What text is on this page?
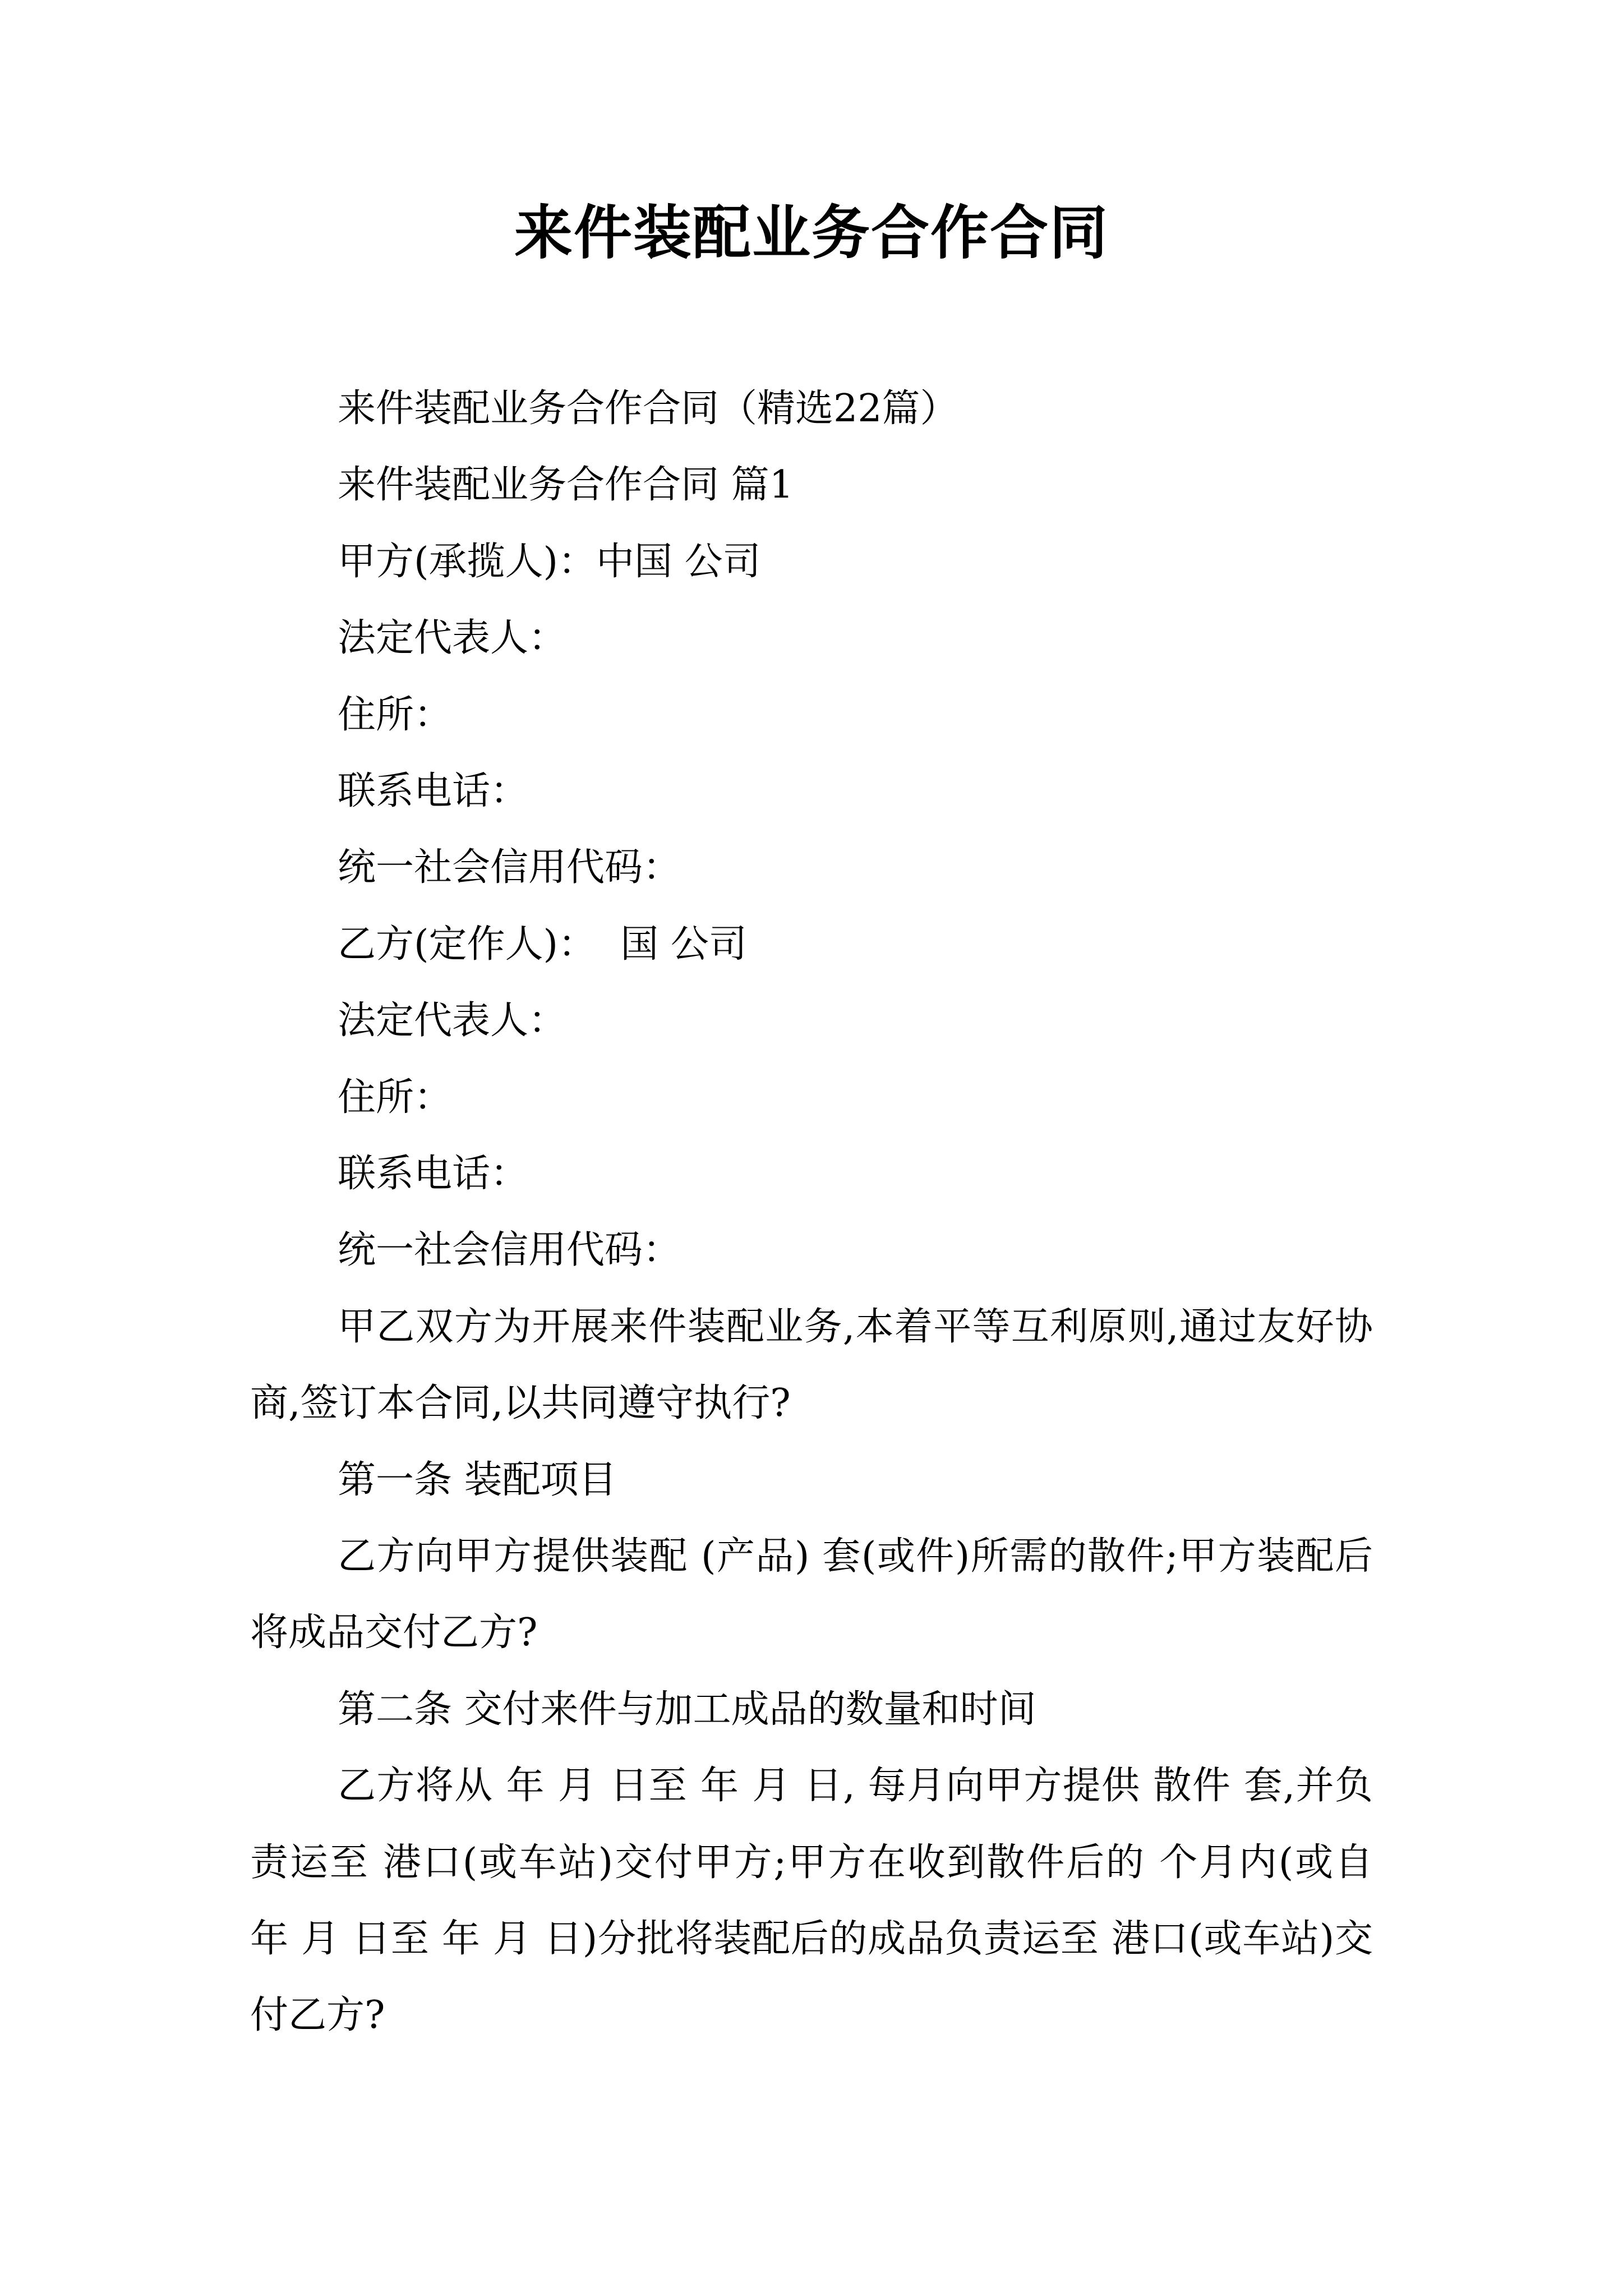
来件装配业务合作合同
来件装配业务合作合同（精选22篇）
来件装配业务合作合同 篇1
甲方(承揽人)：中国 公司
法定代表人：
住所：
联系电话：
统一社会信用代码：
乙方(定作人)：  国 公司
法定代表人：
住所：
联系电话：
统一社会信用代码：
甲乙双方为开展来件装配业务,本着平等互利原则,通过友好协商,签订本合同,以共同遵守执行?
第一条 装配项目
乙方向甲方提供装配 (产品) 套(或件)所需的散件;甲方装配后将成品交付乙方?
第二条 交付来件与加工成品的数量和时间
乙方将从 年 月 日至 年 月 日, 每月向甲方提供 散件 套,并负责运至 港口(或车站)交付甲方;甲方在收到散件后的 个月内(或自 年 月 日至 年 月 日)分批将装配后的成品负责运至 港口(或车站)交付乙方?
